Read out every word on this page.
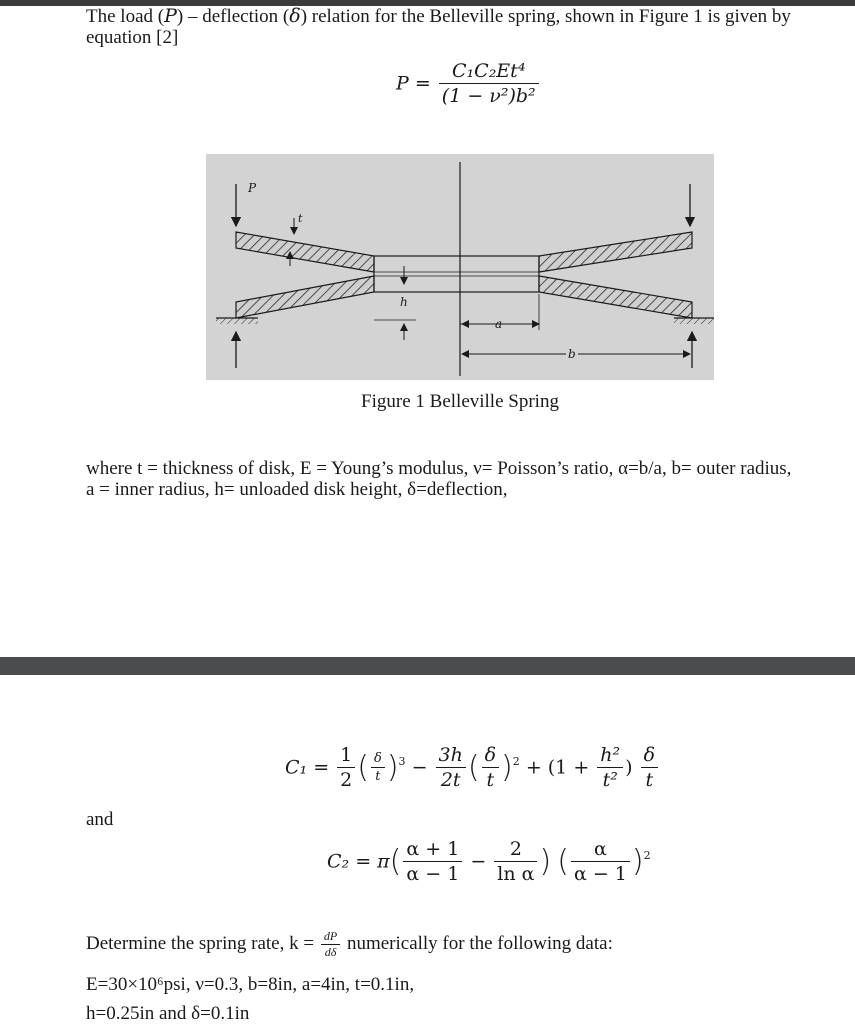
The load (P) – deflection (δ) relation for the Belleville spring, shown in Figure 1 is given by
equation [2]
$P = \frac{\text{C₁C₂Et⁴}}{\text{(1 − ν²)b²}}$
P
t
h
a
b
Figure 1 Belleville Spring
where t = thickness of disk, E = Young’s modulus, ν= Poisson’s ratio, α=b/a, b= outer radius,
a = inner radius, h= unloaded disk height, δ=deflection,
$C_1 = \frac{1}{2}$ ( $\frac{\delta}{t} )^3 - \frac{3h}{2t}$ ( $\frac{\delta}{t} )^2 + (1 + \frac{\text{h²}}{\text{t²}}$ ) $\frac{\delta}{t}$
and
$C_2 = \pi( \frac{\alpha + 1}{\alpha - 1} - \frac{2}{\text{ln α}}$ ) ( $\frac{\alpha}{\alpha - 1} )^2$
Determine the spring rate, $k = \frac{dP}{d\delta}$ numerically for the following data:
E=30×10⁶psi, ν=0.3, b=8in, a=4in, t=0.1in,
h=0.25in and δ=0.1in
